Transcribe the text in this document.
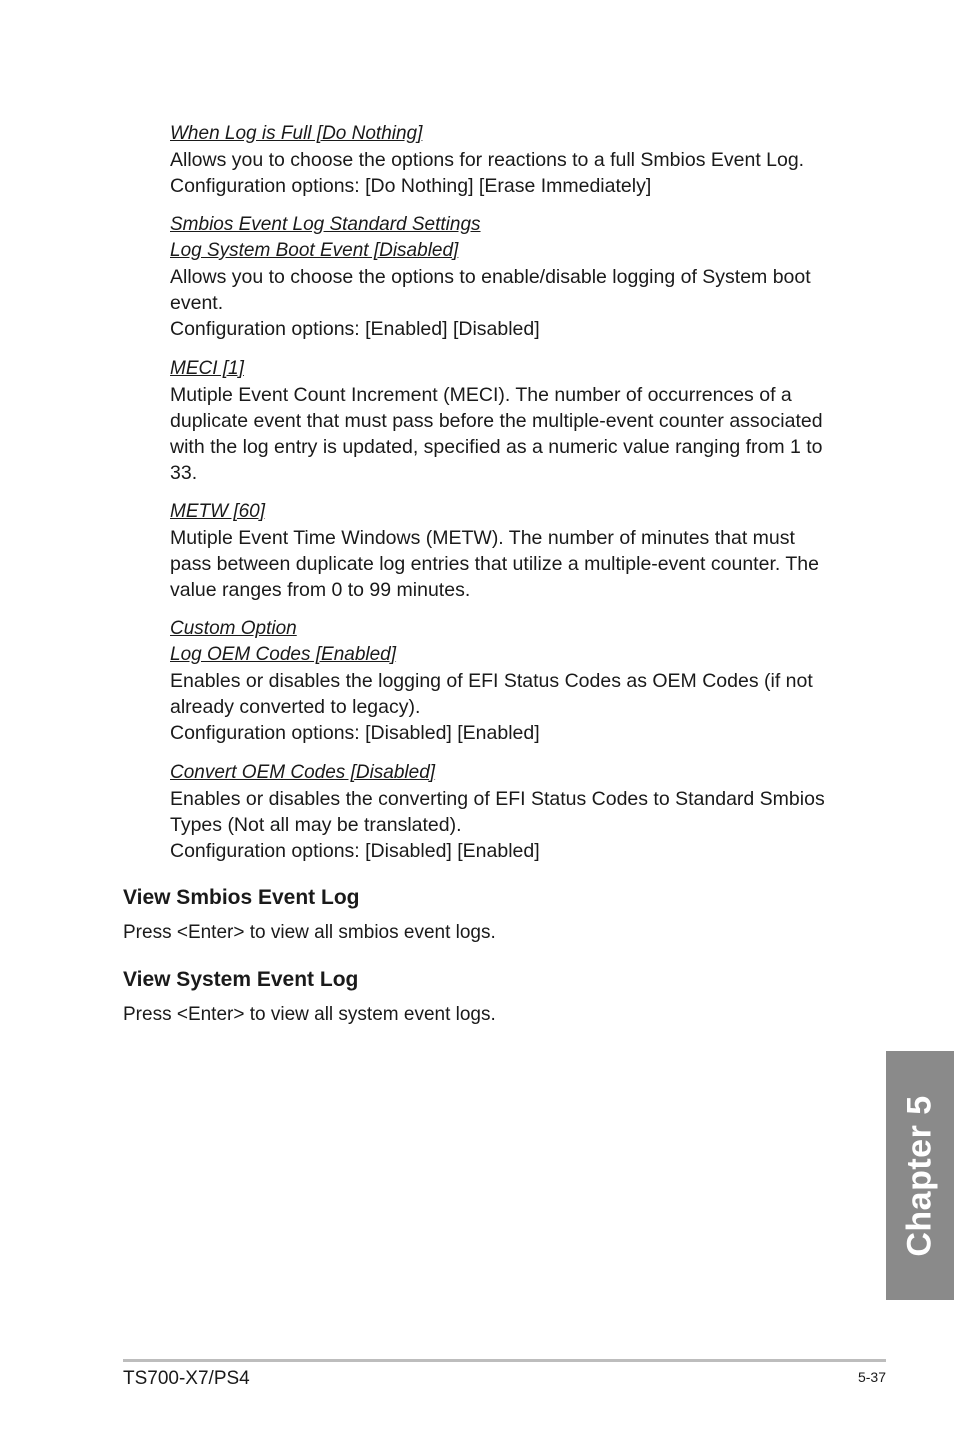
When Log is Full [Do Nothing]

Allows you to choose the options for reactions to a full Smbios Event Log.

Configuration options: [Do Nothing] [Erase Immediately]

Smbios Event Log Standard Settings

Log System Boot Event [Disabled]

Allows you to choose the options to enable/disable logging of System boot event.

Configuration options: [Enabled] [Disabled]

MECI [1]

Mutiple Event Count Increment (MECI). The number of occurrences of a duplicate event that must pass before the multiple-event counter associated with the log entry is updated, specified as a numeric value ranging from 1 to 33.

METW [60]

Mutiple Event Time Windows (METW). The number of minutes that must pass between duplicate log entries that utilize a multiple-event counter. The value ranges from 0 to 99 minutes.

Custom Option

Log OEM Codes [Enabled]

Enables or disables the logging of EFI Status Codes as OEM Codes (if not already converted to legacy).

Configuration options: [Disabled] [Enabled]

Convert OEM Codes [Disabled]

Enables or disables the converting of EFI Status Codes to Standard Smbios Types (Not all may be translated).

Configuration options: [Disabled] [Enabled]

View Smbios Event Log

Press <Enter> to view all smbios event logs.

View System Event Log

Press <Enter> to view all system event logs.

Chapter 5
TS700-X7/PS4	5-37
